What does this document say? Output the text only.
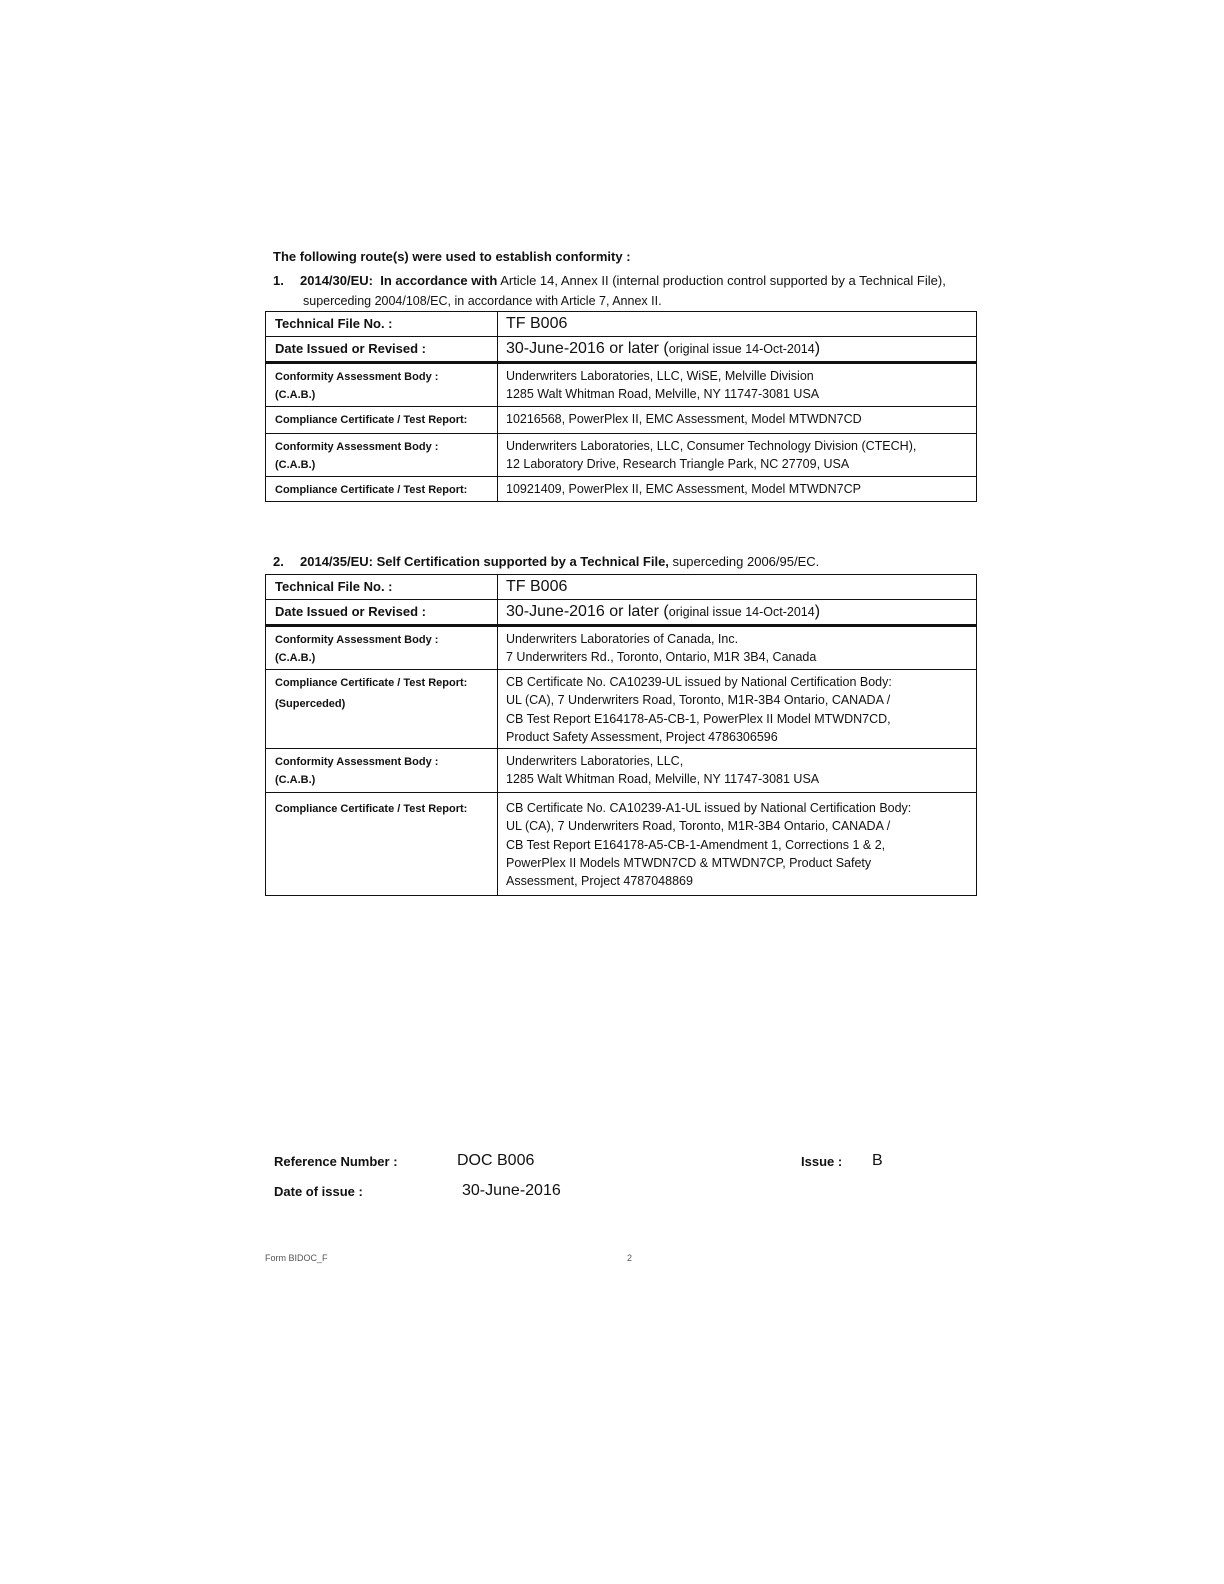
The following route(s) were used to establish conformity :
1. 2014/30/EU: In accordance with Article 14, Annex II (internal production control supported by a Technical File),
superceding 2004/108/EC, in accordance with Article 7, Annex II.
Technical File No. :	TF B006
Date Issued or Revised :	30-June-2016 or later (original issue 14-Oct-2014)

Conformity Assessment Body :
(C.A.B.)	Underwriters Laboratories, LLC, WiSE, Melville Division
1285 Walt Whitman Road, Melville, NY 11747-3081 USA

Compliance Certificate / Test Report:	10216568, PowerPlex II, EMC Assessment, Model MTWDN7CD

Conformity Assessment Body :
(C.A.B.)	Underwriters Laboratories, LLC, Consumer Technology Division (CTECH),
12 Laboratory Drive, Research Triangle Park, NC 27709, USA

Compliance Certificate / Test Report:	10921409, PowerPlex II, EMC Assessment, Model MTWDN7CP
2. 2014/35/EU: Self Certification supported by a Technical File, superceding 2006/95/EC.
Technical File No. :	TF B006
Date Issued or Revised :	30-June-2016 or later (original issue 14-Oct-2014)

Conformity Assessment Body :
(C.A.B.)	Underwriters Laboratories of Canada, Inc.
7 Underwriters Rd., Toronto, Ontario, M1R 3B4, Canada

Compliance Certificate / Test Report:
(Superceded)	CB Certificate No. CA10239-UL issued by National Certification Body:
UL (CA), 7 Underwriters Road, Toronto, M1R-3B4 Ontario, CANADA /
CB Test Report E164178-A5-CB-1, PowerPlex II Model MTWDN7CD,
Product Safety Assessment, Project 4786306596

Conformity Assessment Body :
(C.A.B.)	Underwriters Laboratories, LLC,
1285 Walt Whitman Road, Melville, NY 11747-3081 USA

Compliance Certificate / Test Report:	CB Certificate No. CA10239-A1-UL issued by National Certification Body:
UL (CA), 7 Underwriters Road, Toronto, M1R-3B4 Ontario, CANADA /
CB Test Report E164178-A5-CB-1-Amendment 1, Corrections 1 & 2,
PowerPlex II Models MTWDN7CD & MTWDN7CP, Product Safety
Assessment, Project 4787048869
Reference Number :	DOC B006	Issue : B
Date of issue :	30-June-2016
Form BIDOC_F	2
